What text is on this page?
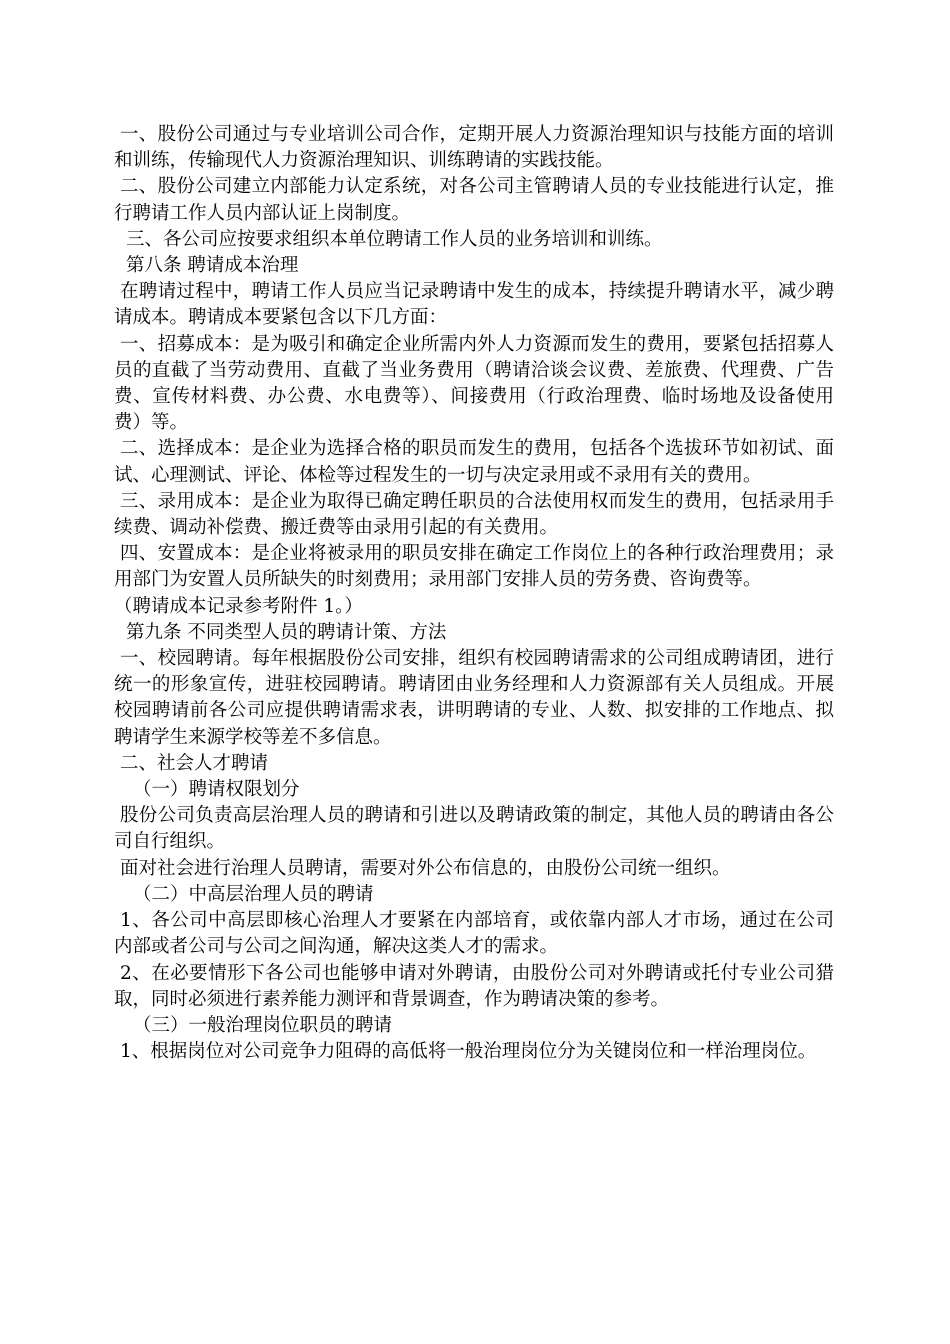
一、股份公司通过与专业培训公司合作，定期开展人力资源治理知识与技能方面的培训和训练，传输现代人力资源治理知识、训练聘请的实践技能。

二、股份公司建立内部能力认定系统，对各公司主管聘请人员的专业技能进行认定，推行聘请工作人员内部认证上岗制度。

三、各公司应按要求组织本单位聘请工作人员的业务培训和训练。

第八条 聘请成本治理

在聘请过程中，聘请工作人员应当记录聘请中发生的成本，持续提升聘请水平，减少聘请成本。聘请成本要紧包含以下几方面：

一、招募成本：是为吸引和确定企业所需内外人力资源而发生的费用，要紧包括招募人员的直截了当劳动费用、直截了当业务费用（聘请洽谈会议费、差旅费、代理费、广告费、宣传材料费、办公费、水电费等）、间接费用（行政治理费、临时场地及设备使用费）等。

二、选择成本：是企业为选择合格的职员而发生的费用，包括各个选拔环节如初试、面试、心理测试、评论、体检等过程发生的一切与决定录用或不录用有关的费用。

三、录用成本：是企业为取得已确定聘任职员的合法使用权而发生的费用，包括录用手续费、调动补偿费、搬迁费等由录用引起的有关费用。

四、安置成本：是企业将被录用的职员安排在确定工作岗位上的各种行政治理费用；录用部门为安置人员所缺失的时刻费用；录用部门安排人员的劳务费、咨询费等。

（聘请成本记录参考附件 1。）

第九条 不同类型人员的聘请计策、方法

一、校园聘请。每年根据股份公司安排，组织有校园聘请需求的公司组成聘请团，进行统一的形象宣传，进驻校园聘请。聘请团由业务经理和人力资源部有关人员组成。开展校园聘请前各公司应提供聘请需求表，讲明聘请的专业、人数、拟安排的工作地点、拟聘请学生来源学校等差不多信息。

二、社会人才聘请

（一）聘请权限划分

股份公司负责高层治理人员的聘请和引进以及聘请政策的制定，其他人员的聘请由各公司自行组织。

面对社会进行治理人员聘请，需要对外公布信息的，由股份公司统一组织。

（二）中高层治理人员的聘请

1、各公司中高层即核心治理人才要紧在内部培育，或依靠内部人才市场，通过在公司内部或者公司与公司之间沟通，解决这类人才的需求。

2、在必要情形下各公司也能够申请对外聘请，由股份公司对外聘请或托付专业公司猎取，同时必须进行素养能力测评和背景调查，作为聘请决策的参考。

（三）一般治理岗位职员的聘请

1、根据岗位对公司竞争力阻碍的高低将一般治理岗位分为关键岗位和一样治理岗位。
